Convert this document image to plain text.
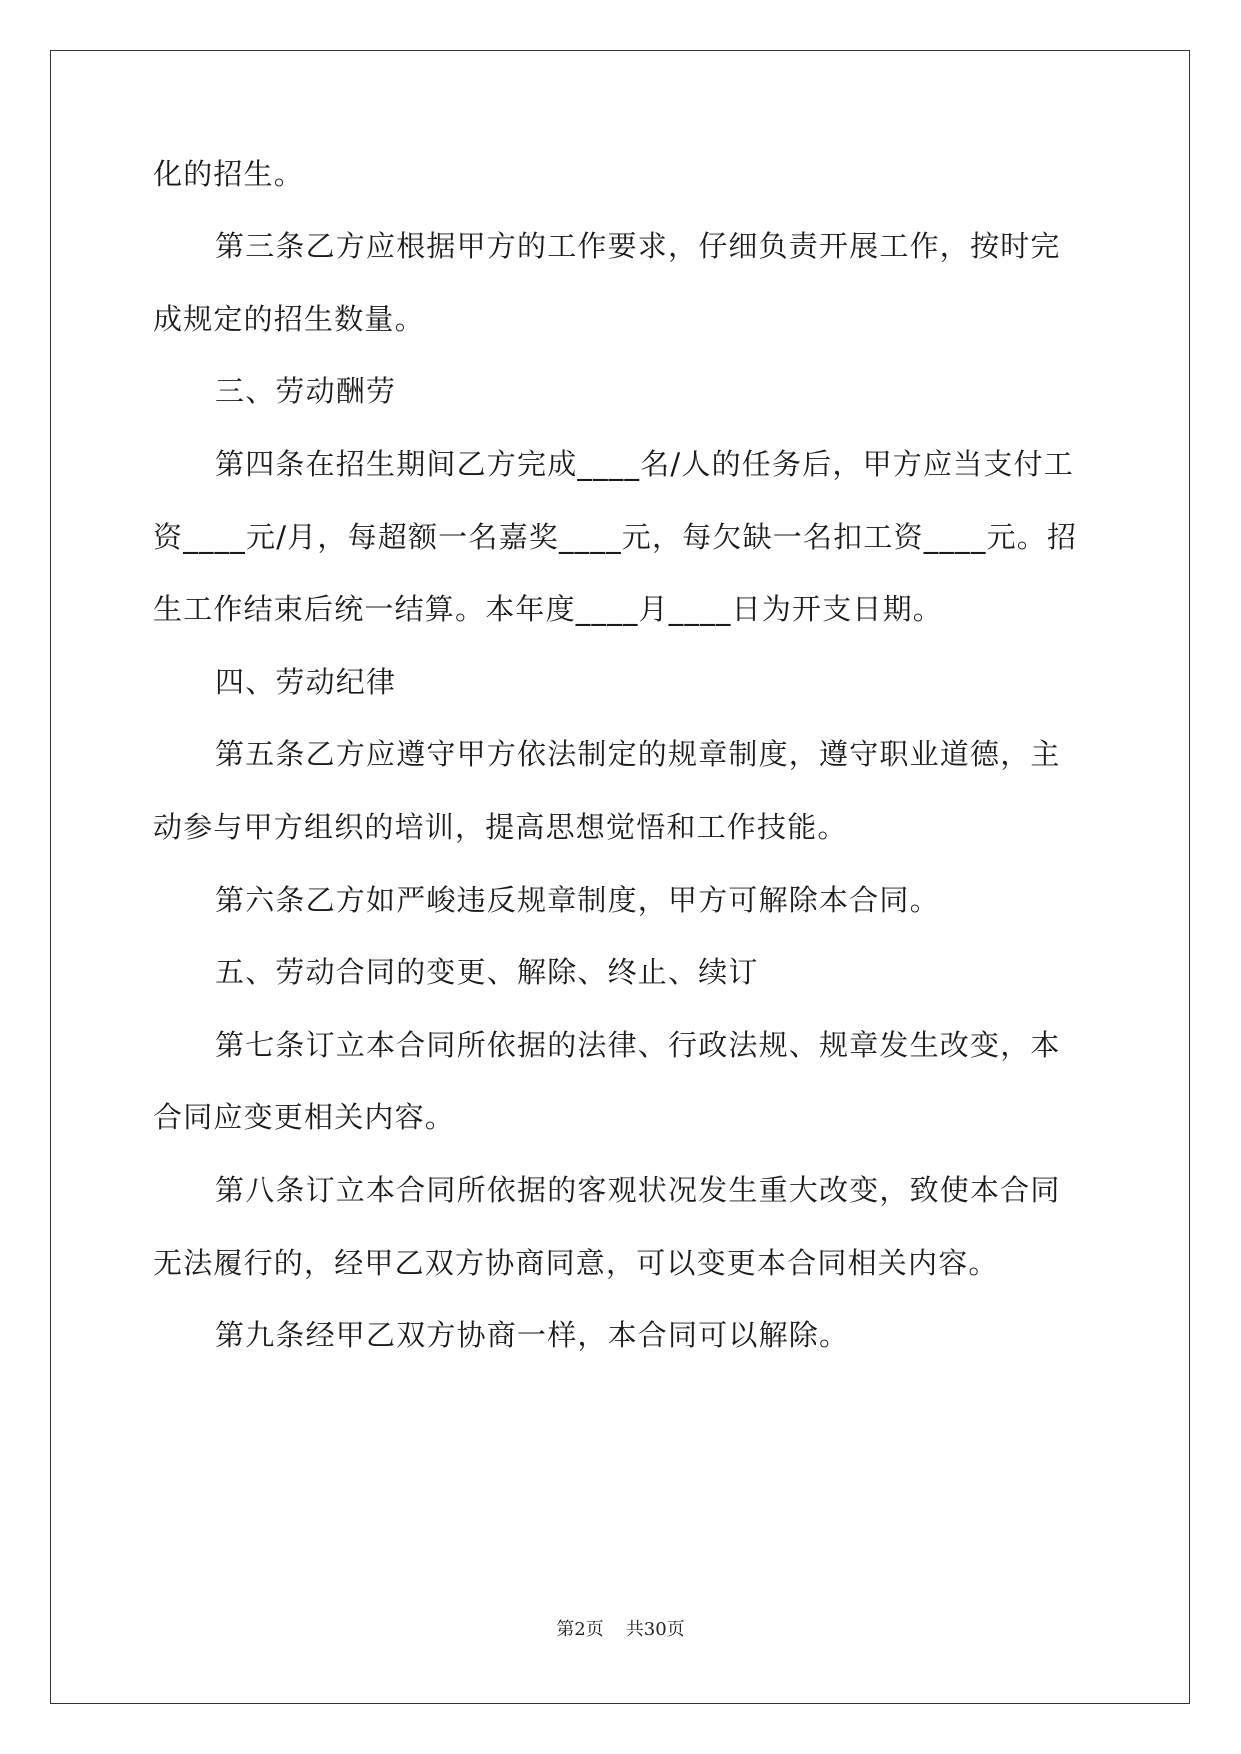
化的招生。
第三条乙方应根据甲方的工作要求，仔细负责开展工作，按时完
成规定的招生数量。
三、劳动酬劳
第四条在招生期间乙方完成____名/人的任务后，甲方应当支付工
资____元/月，每超额一名嘉奖____元，每欠缺一名扣工资____元。招
生工作结束后统一结算。本年度____月____日为开支日期。
四、劳动纪律
第五条乙方应遵守甲方依法制定的规章制度，遵守职业道德，主
动参与甲方组织的培训，提高思想觉悟和工作技能。
第六条乙方如严峻违反规章制度，甲方可解除本合同。
五、劳动合同的变更、解除、终止、续订
第七条订立本合同所依据的法律、行政法规、规章发生改变，本
合同应变更相关内容。
第八条订立本合同所依据的客观状况发生重大改变，致使本合同
无法履行的，经甲乙双方协商同意，可以变更本合同相关内容。
第九条经甲乙双方协商一样，本合同可以解除。
第2页 共30页
